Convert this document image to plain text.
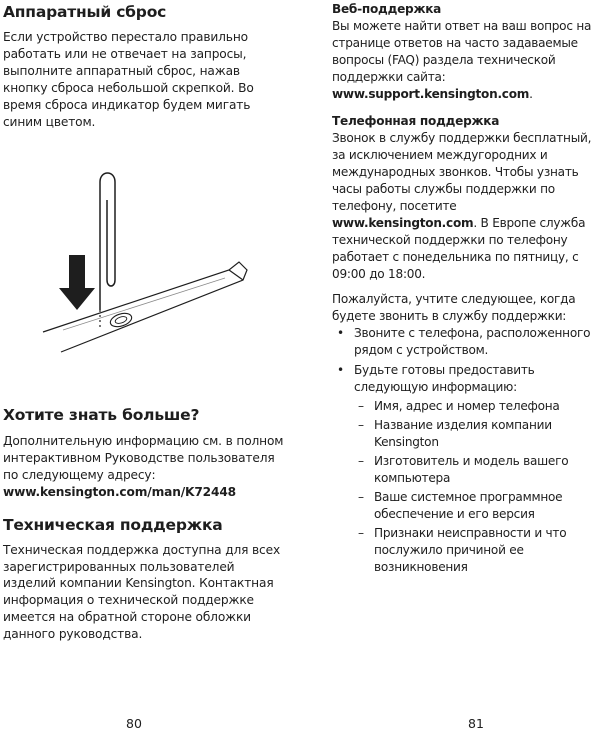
Аппаратный сброс

Если устройство перестало правильно работать или не отвечает на запросы, выполните аппаратный сброс, нажав кнопку сброса небольшой скрепкой. Во время сброса индикатор будем мигать синим цветом.

Хотите знать больше?

Дополнительную информацию см. в полном интерактивном Руководстве пользователя по следующему адресу:
www.kensington.com/man/K72448

Техническая поддержка

Техническая поддержка доступна для всех зарегистрированных пользователей изделий компании Kensington. Контактная информация о технической поддержке имеется на обратной стороне обложки данного руководства.

80

Веб-поддержка

Вы можете найти ответ на ваш вопрос на странице ответов на часто задаваемые вопросы (FAQ) раздела технической поддержки сайта: www.support.kensington.com.

Телефонная поддержка

Звонок в службу поддержки бесплатный, за исключением междугородних и международных звонков. Чтобы узнать часы работы службы поддержки по телефону, посетите www.kensington.com. В Европе служба технической поддержки по телефону работает с понедельника по пятницу, с 09:00 до 18:00.

Пожалуйста, учтите следующее, когда будете звонить в службу поддержки:

• Звоните с телефона, расположенного рядом с устройством.
• Будьте готовы предоставить следующую информацию:
– Имя, адрес и номер телефона
– Название изделия компании Kensington
– Изготовитель и модель вашего компьютера
– Ваше системное программное обеспечение и его версия
– Признаки неисправности и что послужило причиной ее возникновения
81
